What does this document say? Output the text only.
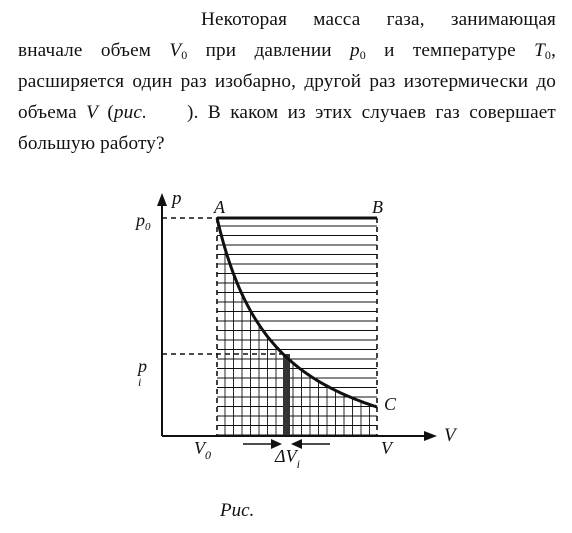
Некоторая масса газа, занимающая вначале объем $V_0$ при давлении $p_0$ и температуре $T_0$, расширяется один раз изобарно, другой раз изотермически до объема V (рис. ). В каком из этих случаев газ совершает большую работу?
p
V
A	B
C
$p_0$
p i
$V_0$	V
$\Delta V_i$
Рис.
